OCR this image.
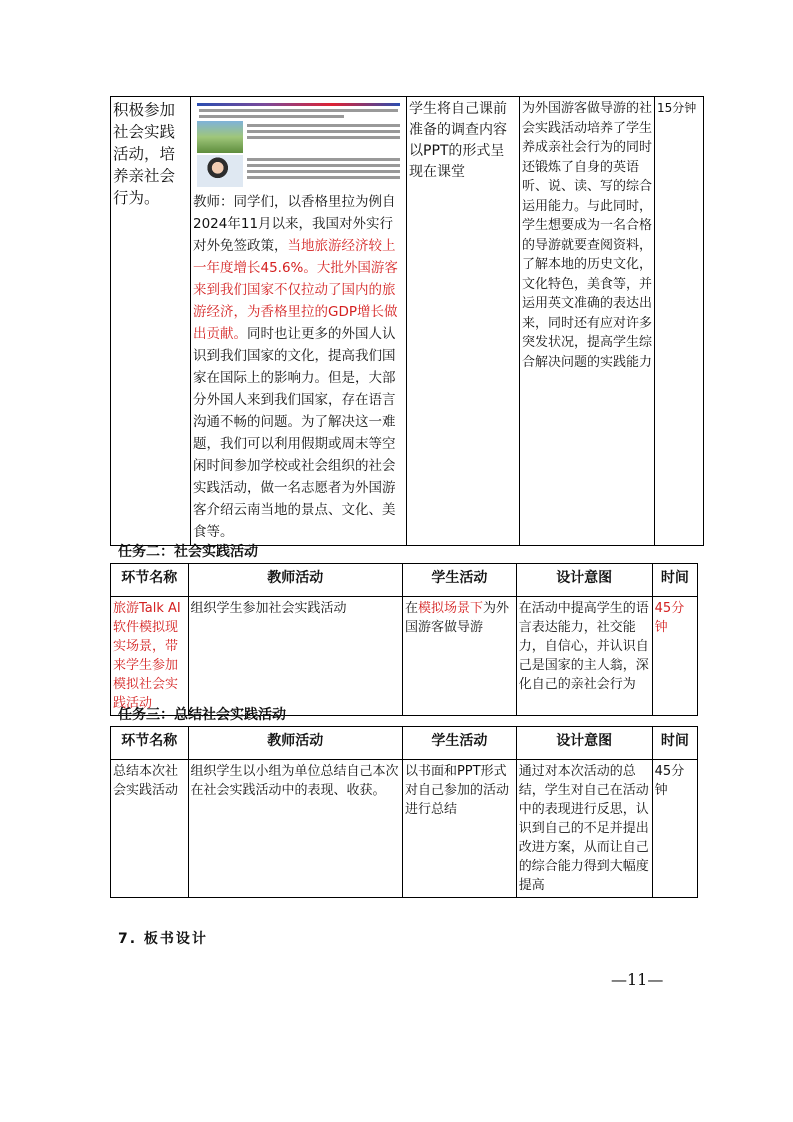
积极参加社会实践活动，培养亲社会行为。	教师：同学们，以香格里拉为例自2024年11月以来，我国对外实行对外免签政策，当地旅游经济较上一年度增长45.6%。大批外国游客来到我们国家不仅拉动了国内的旅游经济，为香格里拉的GDP增长做出贡献。同时也让更多的外国人认识到我们国家的文化，提高我们国家在国际上的影响力。但是，大部分外国人来到我们国家，存在语言沟通不畅的问题。为了解决这一难题，我们可以利用假期或周末等空闲时间参加学校或社会组织的社会实践活动，做一名志愿者为外国游客介绍云南当地的景点、文化、美食等。	学生将自己课前准备的调查内容以PPT的形式呈现在课堂	为外国游客做导游的社会实践活动培养了学生养成亲社会行为的同时还锻炼了自身的英语听、说、读、写的综合运用能力。与此同时，学生想要成为一名合格的导游就要查阅资料，了解本地的历史文化，文化特色，美食等，并运用英文准确的表达出来，同时还有应对许多突发状况，提高学生综合解决问题的实践能力	15分钟

任务二：社会实践活动

环节名称	教师活动	学生活动	设计意图	时间
旅游Talk AI软件模拟现实场景，带来学生参加模拟社会实践活动	组织学生参加社会实践活动	在模拟场景下为外国游客做导游	在活动中提高学生的语言表达能力，社交能力，自信心，并认识自己是国家的主人翁，深化自己的亲社会行为	45分钟

任务三：总结社会实践活动

环节名称	教师活动	学生活动	设计意图	时间
总结本次社会实践活动	组织学生以小组为单位总结自己本次在社会实践活动中的表现、收获。	以书面和PPT形式对自己参加的活动进行总结	通过对本次活动的总结，学生对自己在活动中的表现进行反思，认识到自己的不足并提出改进方案，从而让自己的综合能力得到大幅度提高	45分钟

7. 板书设计

—11—
